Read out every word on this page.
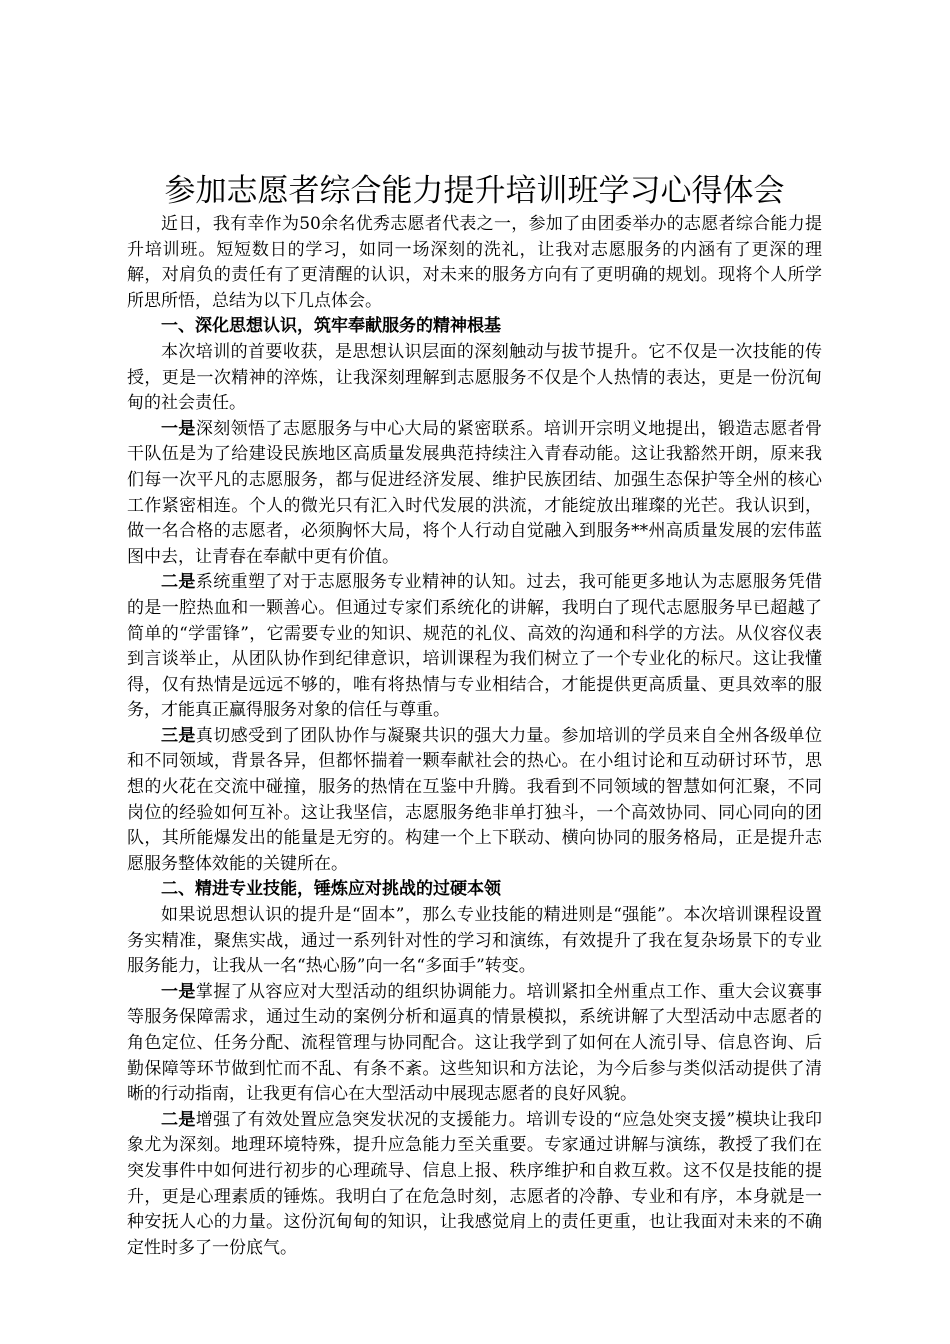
参加志愿者综合能力提升培训班学习心得体会

近日，我有幸作为50余名优秀志愿者代表之一，参加了由团委举办的志愿者综合能力提升培训班。短短数日的学习，如同一场深刻的洗礼，让我对志愿服务的内涵有了更深的理解，对肩负的责任有了更清醒的认识，对未来的服务方向有了更明确的规划。现将个人所学所思所悟，总结为以下几点体会。

一、深化思想认识，筑牢奉献服务的精神根基

本次培训的首要收获，是思想认识层面的深刻触动与拔节提升。它不仅是一次技能的传授，更是一次精神的淬炼，让我深刻理解到志愿服务不仅是个人热情的表达，更是一份沉甸甸的社会责任。

一是深刻领悟了志愿服务与中心大局的紧密联系。培训开宗明义地提出，锻造志愿者骨干队伍是为了给建设民族地区高质量发展典范持续注入青春动能。这让我豁然开朗，原来我们每一次平凡的志愿服务，都与促进经济发展、维护民族团结、加强生态保护等全州的核心工作紧密相连。个人的微光只有汇入时代发展的洪流，才能绽放出璀璨的光芒。我认识到，做一名合格的志愿者，必须胸怀大局，将个人行动自觉融入到服务**州高质量发展的宏伟蓝图中去，让青春在奉献中更有价值。

二是系统重塑了对于志愿服务专业精神的认知。过去，我可能更多地认为志愿服务凭借的是一腔热血和一颗善心。但通过专家们系统化的讲解，我明白了现代志愿服务早已超越了简单的“学雷锋”，它需要专业的知识、规范的礼仪、高效的沟通和科学的方法。从仪容仪表到言谈举止，从团队协作到纪律意识，培训课程为我们树立了一个专业化的标尺。这让我懂得，仅有热情是远远不够的，唯有将热情与专业相结合，才能提供更高质量、更具效率的服务，才能真正赢得服务对象的信任与尊重。

三是真切感受到了团队协作与凝聚共识的强大力量。参加培训的学员来自全州各级单位和不同领域，背景各异，但都怀揣着一颗奉献社会的热心。在小组讨论和互动研讨环节，思想的火花在交流中碰撞，服务的热情在互鉴中升腾。我看到不同领域的智慧如何汇聚，不同岗位的经验如何互补。这让我坚信，志愿服务绝非单打独斗，一个高效协同、同心同向的团队，其所能爆发出的能量是无穷的。构建一个上下联动、横向协同的服务格局，正是提升志愿服务整体效能的关键所在。

二、精进专业技能，锤炼应对挑战的过硬本领

如果说思想认识的提升是“固本”，那么专业技能的精进则是“强能”。本次培训课程设置务实精准，聚焦实战，通过一系列针对性的学习和演练，有效提升了我在复杂场景下的专业服务能力，让我从一名“热心肠”向一名“多面手”转变。

一是掌握了从容应对大型活动的组织协调能力。培训紧扣全州重点工作、重大会议赛事等服务保障需求，通过生动的案例分析和逼真的情景模拟，系统讲解了大型活动中志愿者的角色定位、任务分配、流程管理与协同配合。这让我学到了如何在人流引导、信息咨询、后勤保障等环节做到忙而不乱、有条不紊。这些知识和方法论，为今后参与类似活动提供了清晰的行动指南，让我更有信心在大型活动中展现志愿者的良好风貌。

二是增强了有效处置应急突发状况的支援能力。培训专设的“应急处突支援”模块让我印象尤为深刻。地理环境特殊，提升应急能力至关重要。专家通过讲解与演练，教授了我们在突发事件中如何进行初步的心理疏导、信息上报、秩序维护和自救互救。这不仅是技能的提升，更是心理素质的锤炼。我明白了在危急时刻，志愿者的冷静、专业和有序，本身就是一种安抚人心的力量。这份沉甸甸的知识，让我感觉肩上的责任更重，也让我面对未来的不确定性时多了一份底气。
